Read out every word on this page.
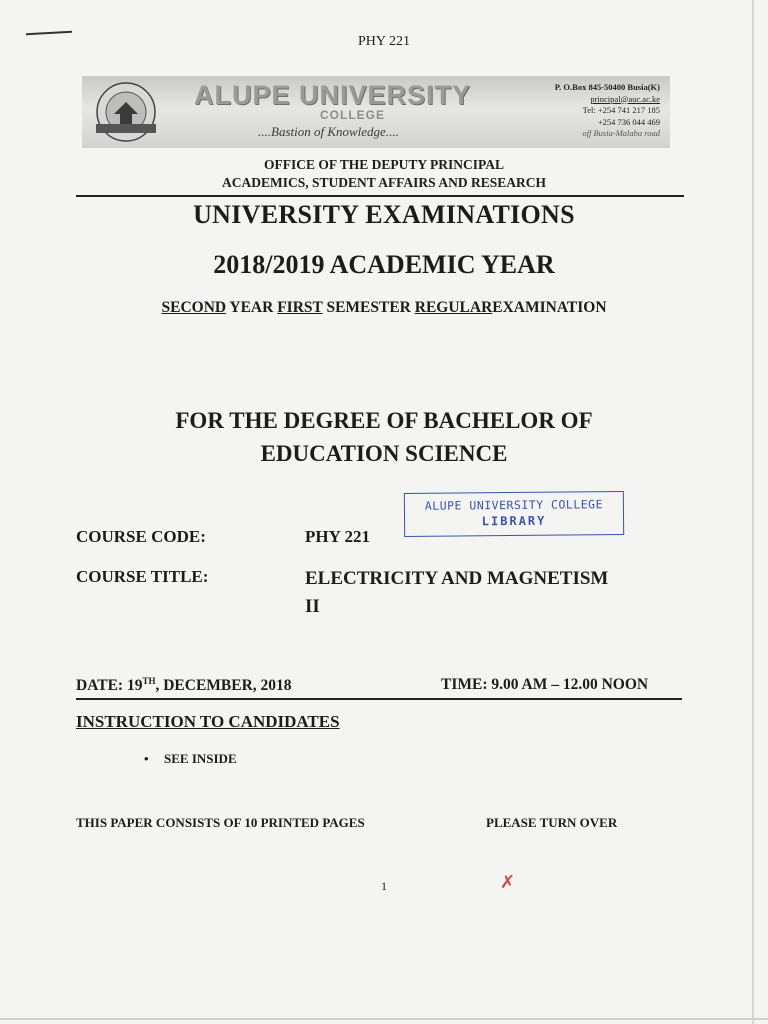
PHY 221
ALUPE UNIVERSITY
COLLEGE
....Bastion of Knowledge....
P. O.Box 845-50400 Busia(K)
principal@auc.ac.ke
Tel: +254 741 217 185
+254 736 044 469
off Busia-Malaba road
OFFICE OF THE DEPUTY PRINCIPAL
ACADEMICS, STUDENT AFFAIRS AND RESEARCH
UNIVERSITY EXAMINATIONS
2018/2019 ACADEMIC YEAR
SECOND YEAR FIRST SEMESTER REGULAREXAMINATION
FOR THE DEGREE OF BACHELOR OF
EDUCATION SCIENCE
ALUPE UNIVERSITY COLLEGE
LIBRARY
COURSE CODE:	PHY 221
COURSE TITLE:	ELECTRICITY AND MAGNETISM
II
DATE: 19TH, DECEMBER, 2018	TIME: 9.00 AM – 12.00 NOON
INSTRUCTION TO CANDIDATES
• SEE INSIDE
THIS PAPER CONSISTS OF 10 PRINTED PAGES	PLEASE TURN OVER
1	✗
